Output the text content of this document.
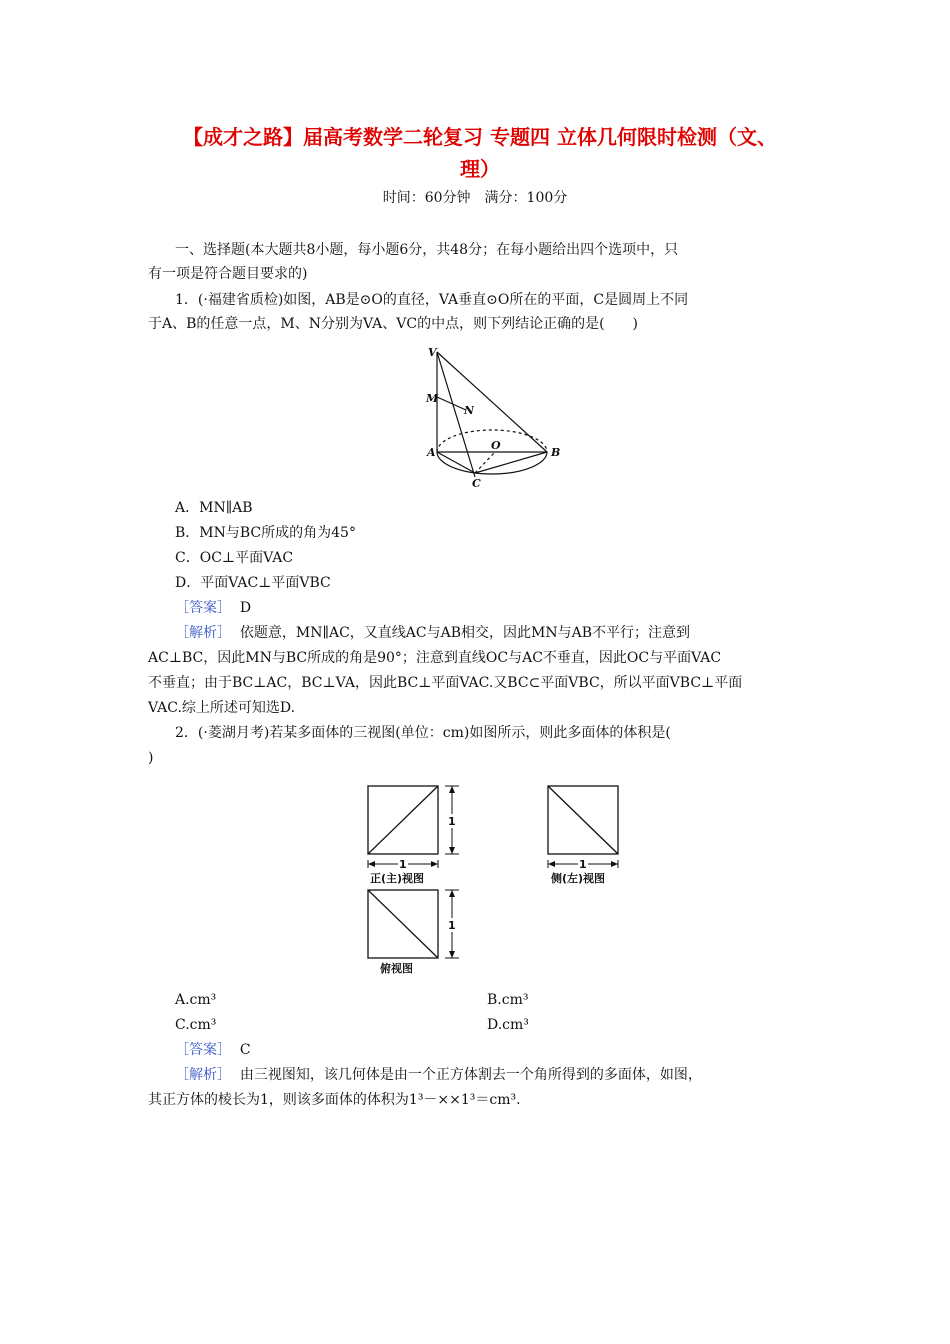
【成才之路】届高考数学二轮复习 专题四 立体几何限时检测（文、
理）
时间：60分钟　满分：100分
一、选择题(本大题共8小题，每小题6分，共48分；在每小题给出四个选项中，只
有一项是符合题目要求的)
1．(·福建省质检)如图，AB是⊙O的直径，VA垂直⊙O所在的平面，C是圆周上不同
于A、B的任意一点，M、N分别为VA、VC的中点，则下列结论正确的是(　　)
V
M
N
O
A	B
C
A．MN∥AB
B．MN与BC所成的角为45°
C．OC⊥平面VAC
D．平面VAC⊥平面VBC
［答案］ D
［解析］ 依题意，MN∥AC，又直线AC与AB相交，因此MN与AB不平行；注意到
AC⊥BC，因此MN与BC所成的角是90°；注意到直线OC与AC不垂直，因此OC与平面VAC
不垂直；由于BC⊥AC，BC⊥VA，因此BC⊥平面VAC.又BC⊂平面VBC，所以平面VBC⊥平面
VAC.综上所述可知选D.
2．(·菱湖月考)若某多面体的三视图(单位：cm)如图所示，则此多面体的体积是(
)
1
1	1
1
正(主)视图	侧(左)视图
俯视图
A.cm³	B.cm³
C.cm³	D.cm³
［答案］ C
［解析］ 由三视图知，该几何体是由一个正方体割去一个角所得到的多面体，如图，
其正方体的棱长为1，则该多面体的体积为1³－××1³＝cm³.
